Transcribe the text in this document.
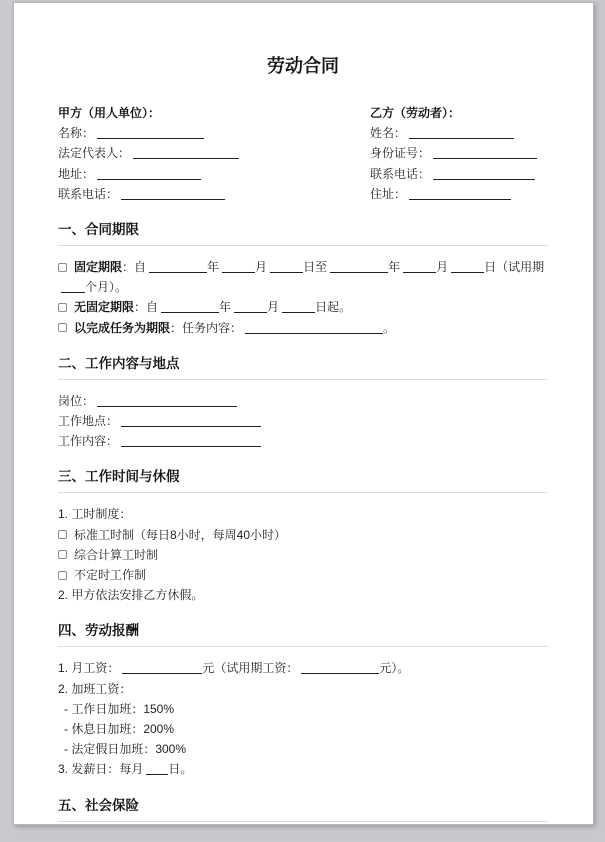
劳动合同
甲方（用人单位）：
名称：
法定代表人：
地址：
联系电话：
乙方（劳动者）：
姓名：
身份证号：
联系电话：
住址：
一、合同期限
固定期限：自	年	月	日至	年	月	日（试用期
个月）。
无固定期限：自	年	月	日起。
以完成任务为期限：任务内容：	。
二、工作内容与地点
岗位：
工作地点：
工作内容：
三、工作时间与休假
1. 工时制度：
标准工时制（每日8小时，每周40小时）
综合计算工时制
不定时工作制
2. 甲方依法安排乙方休假。
四、劳动报酬
1. 月工资：	元（试用期工资：	元）。
2. 加班工资：
- 工作日加班：150%
- 休息日加班：200%
- 法定假日加班：300%
3. 发薪日：每月 日。
五、社会保险
